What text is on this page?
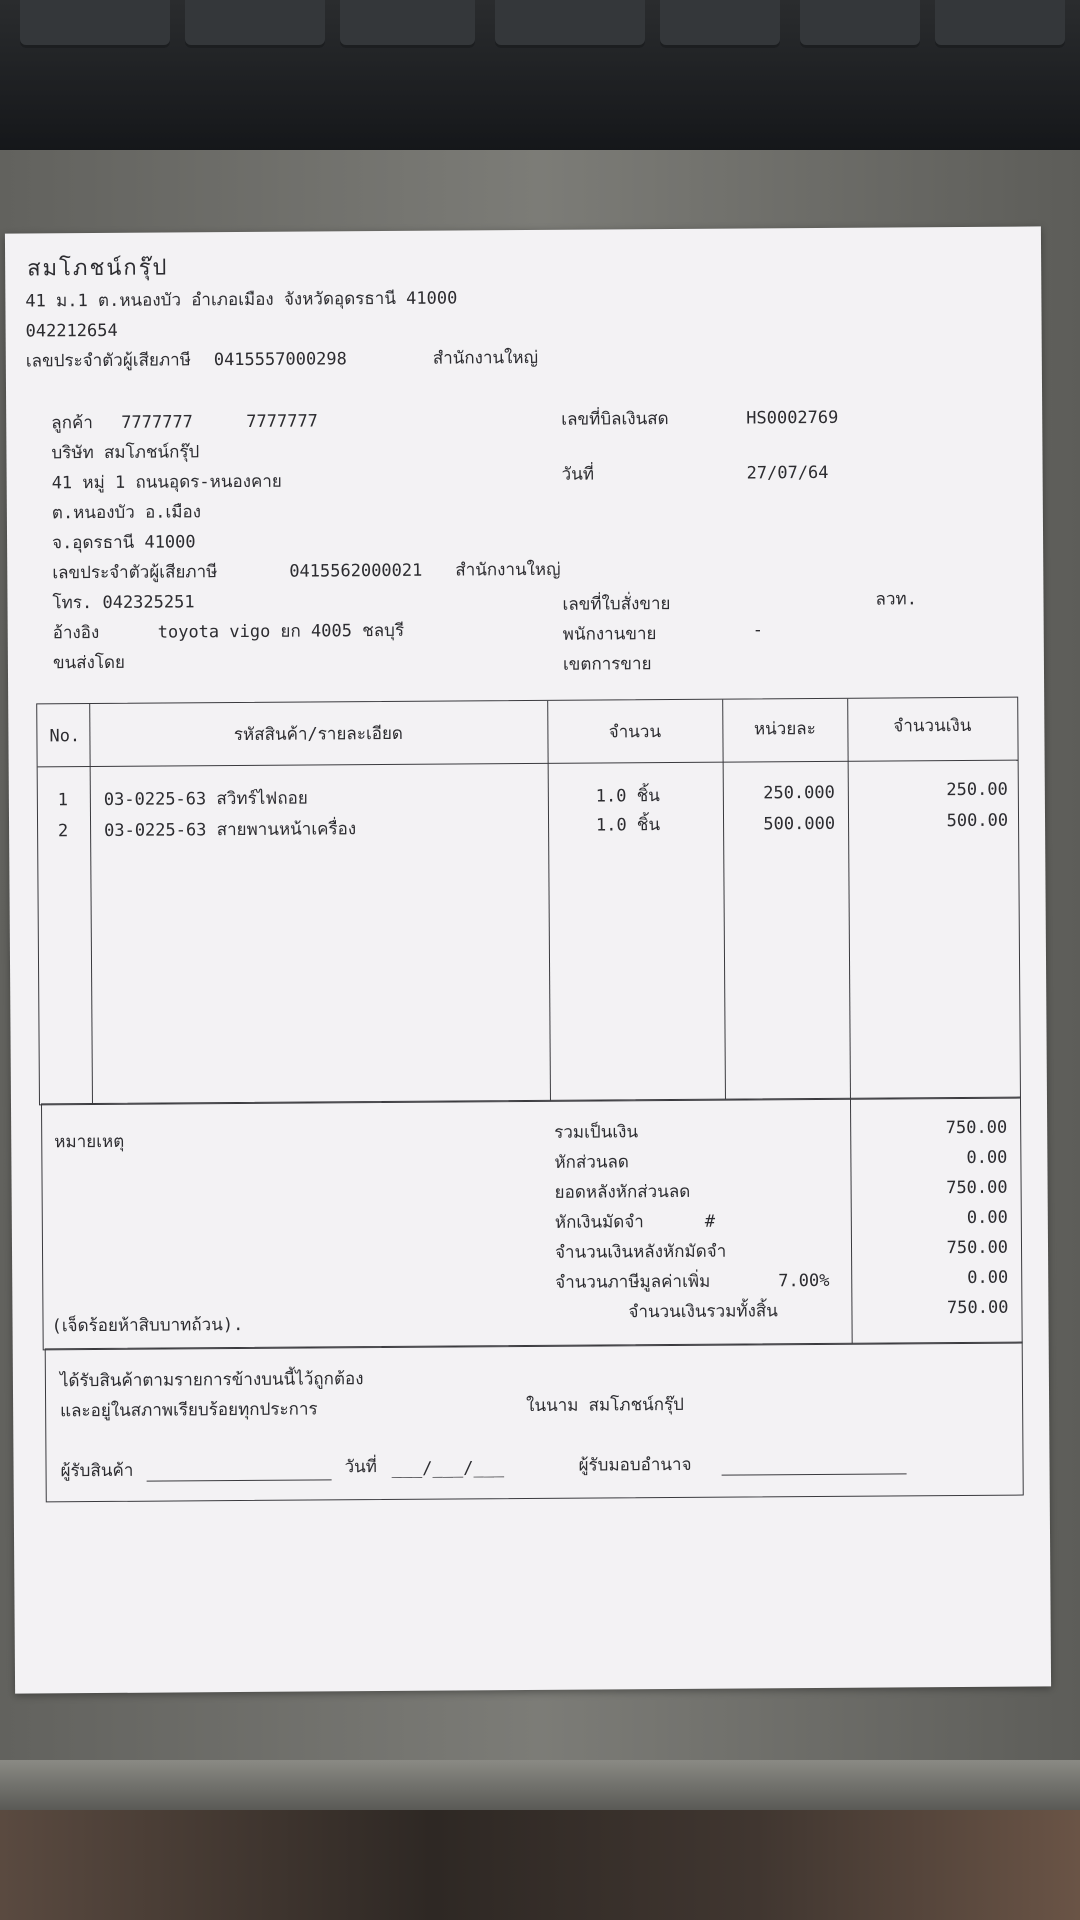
สมโภชน์กรุ๊ป
41 ม.1 ต.หนองบัว อำเภอเมือง จังหวัดอุดรธานี 41000
042212654
เลขประจำตัวผู้เสียภาษี 0415557000298	สำนักงานใหญ่
ลูกค้า 7777777	7777777
บริษัท สมโภชน์กรุ๊ป
41 หมู่ 1 ถนนอุดร-หนองคาย
ต.หนองบัว อ.เมือง
จ.อุดรธานี 41000
เลขประจำตัวผู้เสียภาษี	0415562000021 สำนักงานใหญ่
โทร. 042325251
อ้างอิง	toyota vigo ยก 4005 ชลบุรี
ขนส่งโดย
เลขที่บิลเงินสด	HS0002769
วันที่	27/07/64
เลขที่ใบสั่งขาย	ลวท.
พนักงานขาย	-
เขตการขาย
No.	รหัสสินค้า/รายละเอียด	จำนวน	หน่วยละ	จำนวนเงิน
1	03-0225-63 สวิทร์ไฟถอย	1.0 ชิ้น	250.000	250.00
2	03-0225-63 สายพานหน้าเครื่อง	1.0 ชิ้น	500.000	500.00
หมายเหตุ
(เจ็ดร้อยห้าสิบบาทถ้วน).
รวมเป็นเงิน	750.00
หักส่วนลด	0.00
ยอดหลังหักส่วนลด	750.00
หักเงินมัดจำ	#	0.00
จำนวนเงินหลังหักมัดจำ	750.00
จำนวนภาษีมูลค่าเพิ่ม	7.00%	0.00
จำนวนเงินรวมทั้งสิ้น	750.00
ได้รับสินค้าตามรายการข้างบนนี้ไว้ถูกต้อง
และอยู่ในสภาพเรียบร้อยทุกประการ	ในนาม สมโภชน์กรุ๊ป
ผู้รับสินค้า	วันที่ ___/___/___	ผู้รับมอบอำนาจ
